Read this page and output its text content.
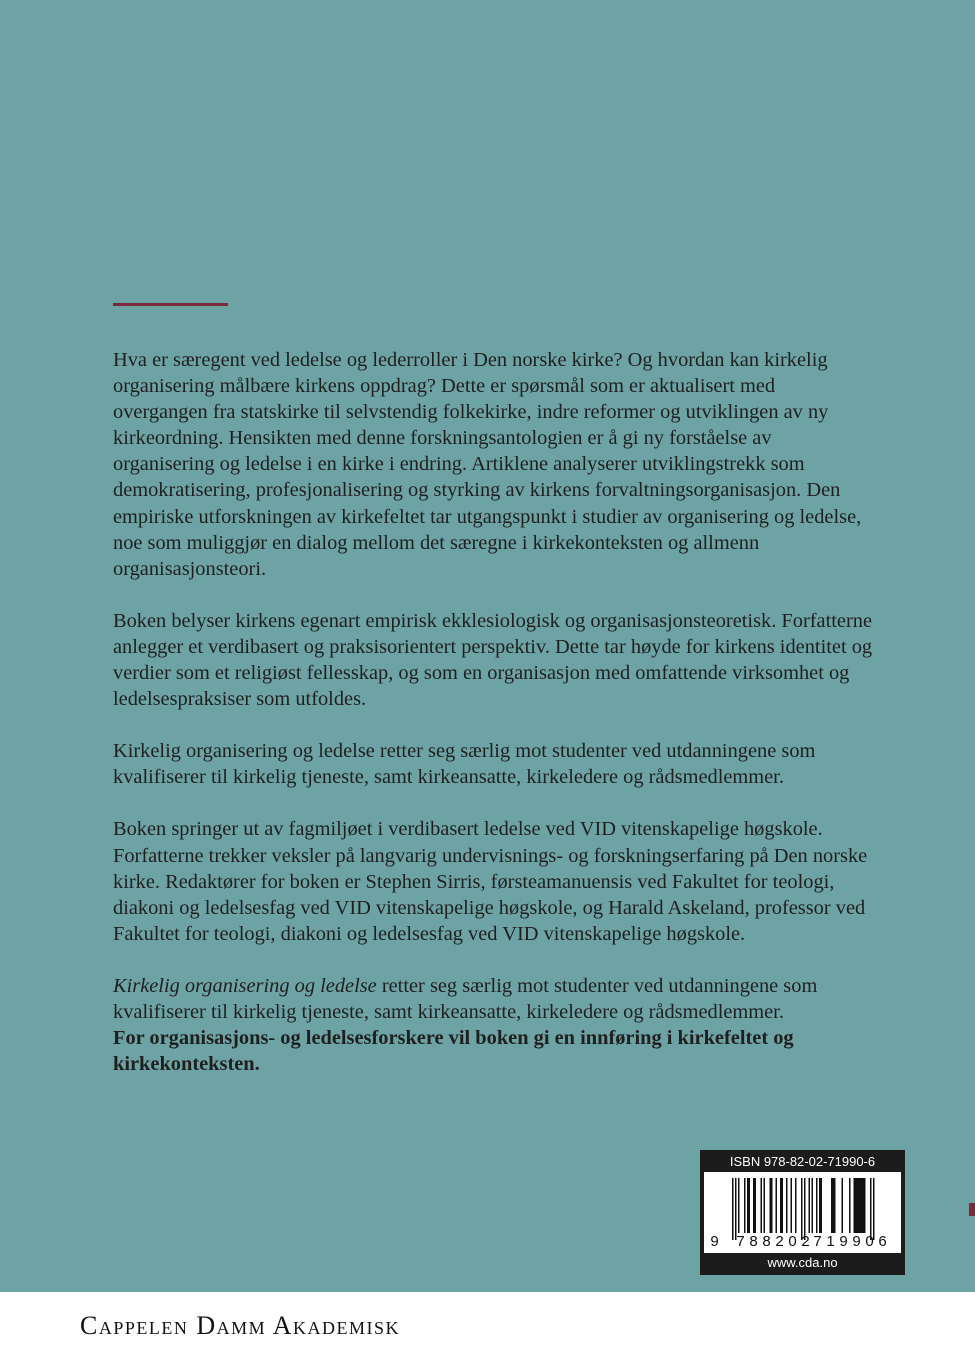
Hva er særegent ved ledelse og lederroller i Den norske kirke? Og hvordan kan kirkelig organisering målbære kirkens oppdrag? Dette er spørsmål som er aktualisert med overgangen fra statskirke til selvstendig folkekirke, indre reformer og utviklingen av ny kirkeordning. Hensikten med denne forskningsantologien er å gi ny forståelse av organisering og ledelse i en kirke i endring. Artiklene analyserer utviklingstrekk som demokratisering, profesjonalisering og styrking av kirkens forvaltningsorganisasjon. Den empiriske utforskningen av kirkefeltet tar utgangspunkt i studier av organisering og ledelse, noe som muliggjør en dialog mellom det særegne i kirkekonteksten og allmenn organisasjonsteori.

Boken belyser kirkens egenart empirisk ekklesiologisk og organisasjonsteoretisk. Forfatterne anlegger et verdibasert og praksisorientert perspektiv. Dette tar høyde for kirkens identitet og verdier som et religiøst fellesskap, og som en organisasjon med omfattende virksomhet og ledelsespraksiser som utfoldes.

Kirkelig organisering og ledelse retter seg særlig mot studenter ved utdanningene som kvalifiserer til kirkelig tjeneste, samt kirkeansatte, kirkeledere og rådsmedlemmer.

Boken springer ut av fagmiljøet i verdibasert ledelse ved VID vitenskapelige høgskole. Forfatterne trekker veksler på langvarig undervisnings- og forskningserfaring på Den norske kirke. Redaktører for boken er Stephen Sirris, førsteamanuensis ved Fakultet for teologi, diakoni og ledelsesfag ved VID vitenskapelige høgskole, og Harald Askeland, professor ved Fakultet for teologi, diakoni og ledelsesfag ved VID vitenskapelige høgskole.

Kirkelig organisering og ledelse retter seg særlig mot studenter ved utdanningene som kvalifiserer til kirkelig tjeneste, samt kirkeansatte, kirkeledere og rådsmedlemmer.
For organisasjons- og ledelsesforskere vil boken gi en innføring i kirkefeltet og kirkekonteksten.

ISBN 978-82-02-71990-6
9 7 8 8 2 0 2 7 1 9 9 0 6
www.cda.no
Cappelen Damm Akademisk
